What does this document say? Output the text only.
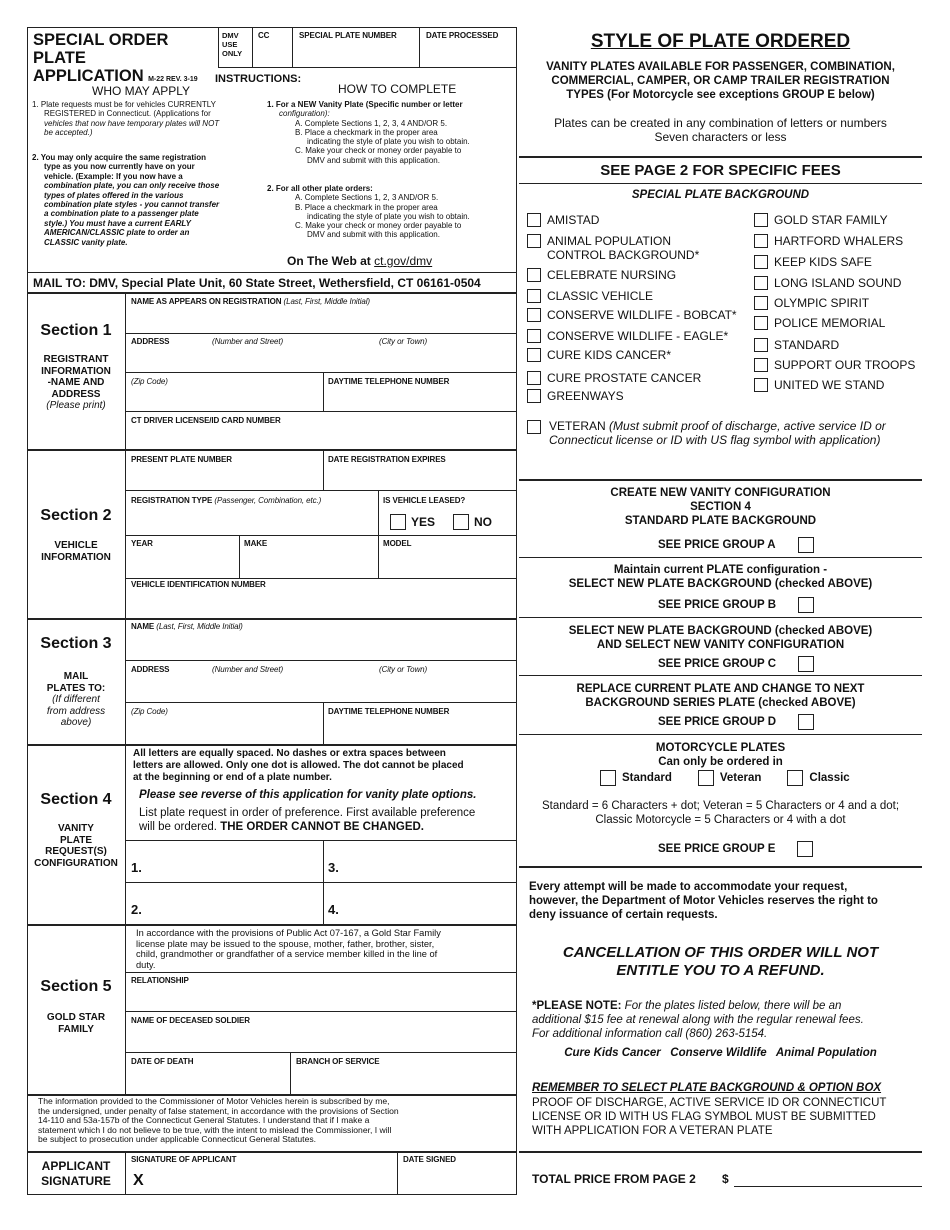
SPECIAL ORDER PLATE
APPLICATION M-22 REV. 3-19
DMV
USE
ONLY
CC	SPECIAL PLATE NUMBER	DATE PROCESSED
INSTRUCTIONS:
WHO MAY APPLY	HOW TO COMPLETE
1. Plate requests must be for vehicles CURRENTLY
REGISTERED in Connecticut. (Applications for
vehicles that now have temporary plates will NOT
be accepted.)
2. You may only acquire the same registration
type as you now currently have on your
vehicle. (Example: If you now have a
combination plate, you can only receive those
types of plates offered in the various
combination plate styles - you cannot transfer
a combination plate to a passenger plate
style.) You must have a current EARLY
AMERICAN/CLASSIC plate to order an
CLASSIC vanity plate.
1. For a NEW Vanity Plate (Specific number or letter
configuration):
A. Complete Sections 1, 2, 3, 4 AND/OR 5.
B. Place a checkmark in the proper area
indicating the style of plate you wish to obtain.
C. Make your check or money order payable to
DMV and submit with this application.
2. For all other plate orders:
A. Complete Sections 1, 2, 3 AND/OR 5.
B. Place a checkmark in the proper area
indicating the style of plate you wish to obtain.
C. Make your check or money order payable to
DMV and submit with this application.
On The Web at ct.gov/dmv
MAIL TO: DMV, Special Plate Unit, 60 State Street, Wethersfield, CT 06161-0504
Section 1
REGISTRANT
INFORMATION
-NAME AND
ADDRESS
(Please print)
NAME AS APPEARS ON REGISTRATION (Last, First, Middle Initial)
ADDRESS	(Number and Street)	(City or Town)
(Zip Code)	DAYTIME TELEPHONE NUMBER
CT DRIVER LICENSE/ID CARD NUMBER
Section 2
VEHICLE
INFORMATION
PRESENT PLATE NUMBER	DATE REGISTRATION EXPIRES
REGISTRATION TYPE (Passenger, Combination, etc.)	IS VEHICLE LEASED?
YES	NO
YEAR	MAKE	MODEL
VEHICLE IDENTIFICATION NUMBER
Section 3
MAIL
PLATES TO:
(If different
from address
above)
NAME (Last, First, Middle Initial)
ADDRESS	(Number and Street)	(City or Town)
(Zip Code)	DAYTIME TELEPHONE NUMBER
Section 4
VANITY
PLATE
REQUEST(S)
CONFIGURATION
All letters are equally spaced. No dashes or extra spaces between
letters are allowed. Only one dot is allowed. The dot cannot be placed
at the beginning or end of a plate number.
Please see reverse of this application for vanity plate options.
List plate request in order of preference. First available preference
will be ordered. THE ORDER CANNOT BE CHANGED.
1.	3.
2.	4.
Section 5
GOLD STAR
FAMILY
In accordance with the provisions of Public Act 07-167, a Gold Star Family
license plate may be issued to the spouse, mother, father, brother, sister,
child, grandmother or grandfather of a service member killed in the line of
duty.
RELATIONSHIP
NAME OF DECEASED SOLDIER
DATE OF DEATH	BRANCH OF SERVICE
The information provided to the Commissioner of Motor Vehicles herein is subscribed by me,
the undersigned, under penalty of false statement, in accordance with the provisions of Section
14-110 and 53a-157b of the Connecticut General Statutes. I understand that if I make a
statement which I do not believe to be true, with the intent to mislead the Commissioner, I will
be subject to prosecution under applicable Connecticut General Statutes.
APPLICANT
SIGNATURE
SIGNATURE OF APPLICANT
X
DATE SIGNED
STYLE OF PLATE ORDERED
VANITY PLATES AVAILABLE FOR PASSENGER, COMBINATION,
COMMERCIAL, CAMPER, OR CAMP TRAILER REGISTRATION
TYPES (For Motorcycle see exceptions GROUP E below)
Plates can be created in any combination of letters or numbers
Seven characters or less
SEE PAGE 2 FOR SPECIFIC FEES
SPECIAL PLATE BACKGROUND
AMISTAD
ANIMAL POPULATION
CONTROL BACKGROUND*
CELEBRATE NURSING
CLASSIC VEHICLE
CONSERVE WILDLIFE - BOBCAT*
CONSERVE WILDLIFE - EAGLE*
CURE KIDS CANCER*
CURE PROSTATE CANCER
GREENWAYS
GOLD STAR FAMILY
HARTFORD WHALERS
KEEP KIDS SAFE
LONG ISLAND SOUND
OLYMPIC SPIRIT
POLICE MEMORIAL
STANDARD
SUPPORT OUR TROOPS
UNITED WE STAND
VETERAN (Must submit proof of discharge, active service ID or
Connecticut license or ID with US flag symbol with application)
CREATE NEW VANITY CONFIGURATION
SECTION 4
STANDARD PLATE BACKGROUND
SEE PRICE GROUP A
Maintain current PLATE configuration -
SELECT NEW PLATE BACKGROUND (checked ABOVE)
SEE PRICE GROUP B
SELECT NEW PLATE BACKGROUND (checked ABOVE)
AND SELECT NEW VANITY CONFIGURATION
SEE PRICE GROUP C
REPLACE CURRENT PLATE AND CHANGE TO NEXT
BACKGROUND SERIES PLATE (checked ABOVE)
SEE PRICE GROUP D
MOTORCYCLE PLATES
Can only be ordered in
Standard	Veteran	Classic
Standard = 6 Characters + dot; Veteran = 5 Characters or 4 and a dot;
Classic Motorcycle = 5 Characters or 4 with a dot
SEE PRICE GROUP E
Every attempt will be made to accommodate your request,
however, the Department of Motor Vehicles reserves the right to
deny issuance of certain requests.
CANCELLATION OF THIS ORDER WILL NOT
ENTITLE YOU TO A REFUND.
*PLEASE NOTE: For the plates listed below, there will be an
additional $15 fee at renewal along with the regular renewal fees.
For additional information call (860) 263-5154.
Cure Kids Cancer   Conserve Wildlife   Animal Population
REMEMBER TO SELECT PLATE BACKGROUND & OPTION BOX
PROOF OF DISCHARGE, ACTIVE SERVICE ID OR CONNECTICUT
LICENSE OR ID WITH US FLAG SYMBOL MUST BE SUBMITTED
WITH APPLICATION FOR A VETERAN PLATE
TOTAL PRICE FROM PAGE 2 $
